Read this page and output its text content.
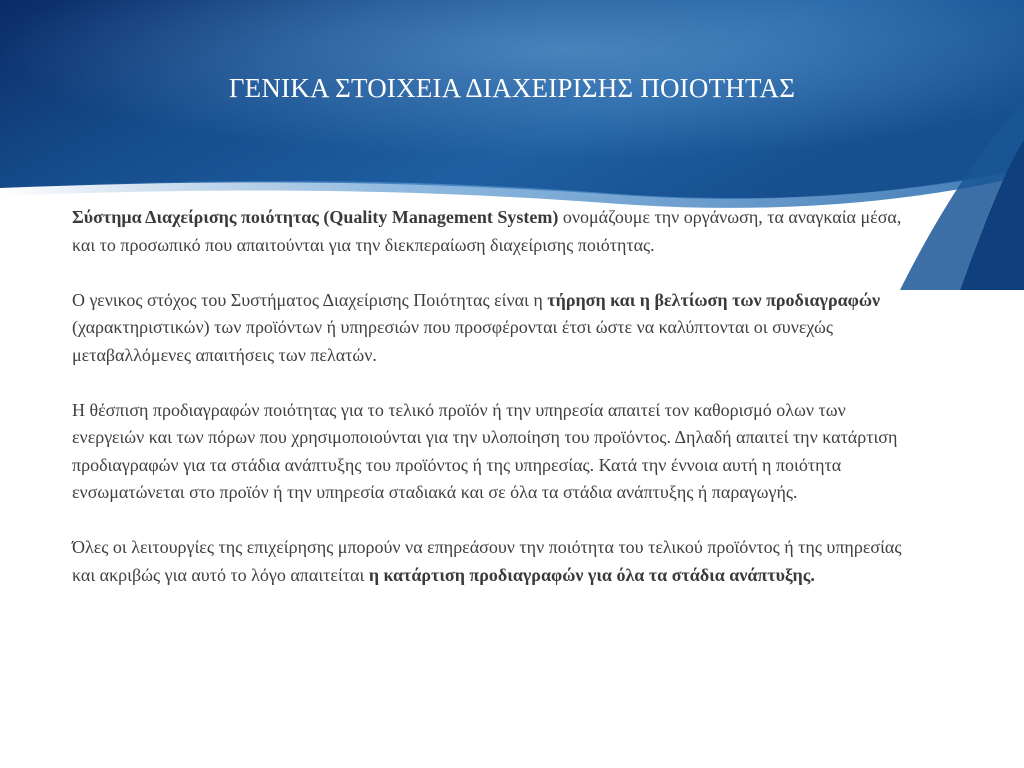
ΓΕΝΙΚΑ ΣΤΟΙΧΕΙΑ ΔΙΑΧΕΙΡΙΣΗΣ ΠΟΙΟΤΗΤΑΣ

Σύστημα Διαχείρισης ποιότητας (Quality Management System) ονομάζουμε την οργάνωση, τα αναγκαία μέσα, και το προσωπικό που απαιτούνται για την διεκπεραίωση διαχείρισης ποιότητας.

Ο γενικος στόχος του Συστήματος Διαχείρισης Ποιότητας είναι η τήρηση και η βελτίωση των προδιαγραφών (χαρακτηριστικών) των προϊόντων ή υπηρεσιών που προσφέρονται έτσι ώστε να καλύπτονται οι συνεχώς μεταβαλλόμενες απαιτήσεις των πελατών.

Η θέσπιση προδιαγραφών ποιότητας για το τελικό προϊόν ή την υπηρεσία απαιτεί τον καθορισμό ολων των ενεργειών και των πόρων που χρησιμοποιούνται για την υλοποίηση του προϊόντος. Δηλαδή απαιτεί την κατάρτιση προδιαγραφών για τα στάδια ανάπτυξης του προϊόντος ή της υπηρεσίας. Κατά την έννοια αυτή η ποιότητα ενσωματώνεται στο προϊόν ή την υπηρεσία σταδιακά και σε όλα τα στάδια ανάπτυξης ή παραγωγής.

Όλες οι λειτουργίες της επιχείρησης μπορούν να επηρεάσουν την ποιότητα του τελικού προϊόντος ή της υπηρεσίας και ακριβώς για αυτό το λόγο απαιτείται η κατάρτιση προδιαγραφών για όλα τα στάδια ανάπτυξης.
